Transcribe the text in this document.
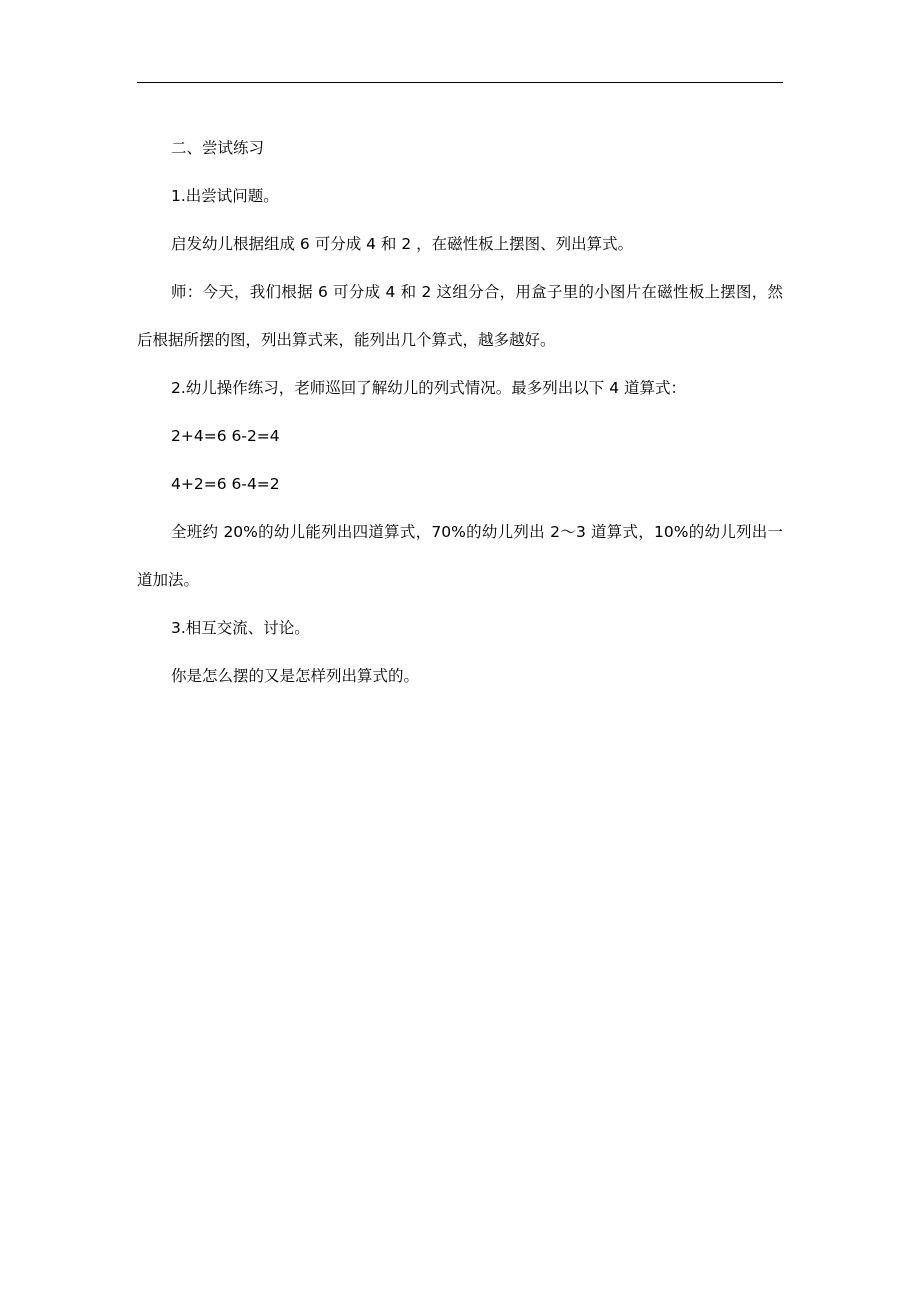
二、尝试练习

1.出尝试问题。

启发幼儿根据组成 6 可分成 4 和 2 ，在磁性板上摆图、列出算式。

师：今天，我们根据 6 可分成 4 和 2 这组分合，用盒子里的小图片在磁性板上摆图，然后根据所摆的图，列出算式来，能列出几个算式，越多越好。

2.幼儿操作练习，老师巡回了解幼儿的列式情况。最多列出以下 4 道算式：

2+4=6 6-2=4

4+2=6 6-4=2

全班约 20%的幼儿能列出四道算式，70%的幼儿列出 2～3 道算式，10%的幼儿列出一道加法。

3.相互交流、讨论。

你是怎么摆的又是怎样列出算式的。
